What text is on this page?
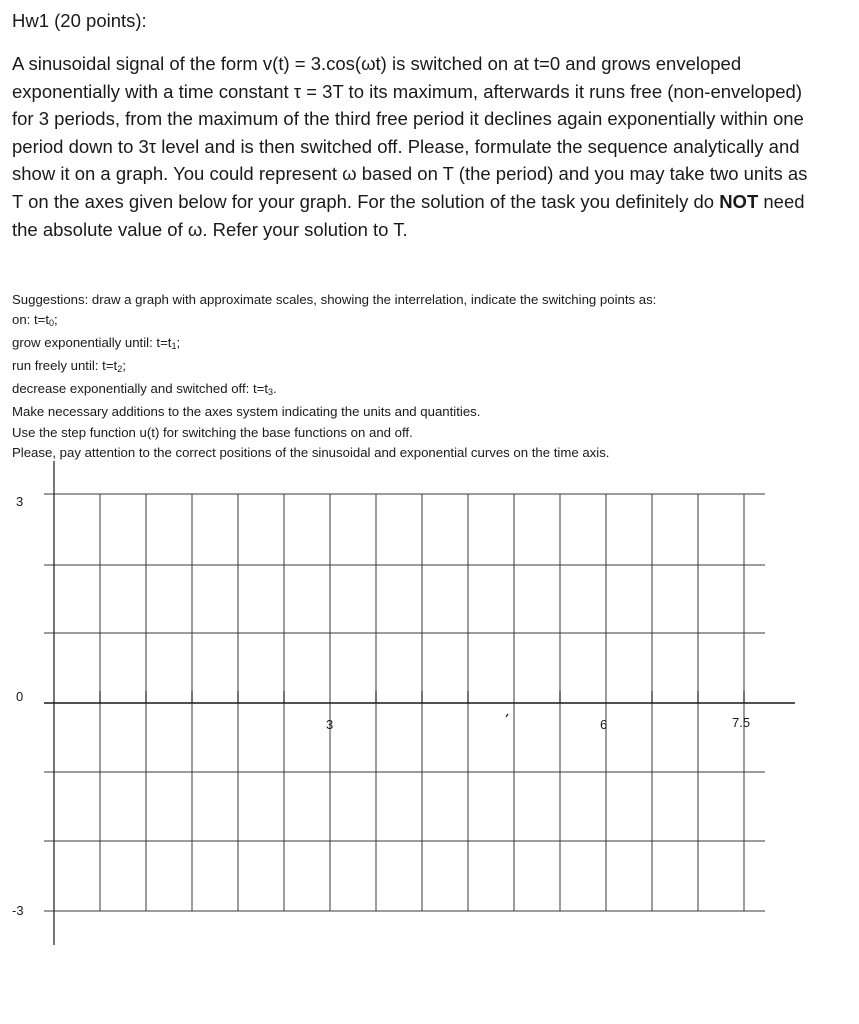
Hw1 (20 points):

A sinusoidal signal of the form v(t) = 3.cos(ωt) is switched on at t=0 and grows enveloped exponentially with a time constant τ = 3T to its maximum, afterwards it runs free (non-enveloped) for 3 periods, from the maximum of the third free period it declines again exponentially within one period down to 3τ level and is then switched off. Please, formulate the sequence analytically and show it on a graph. You could represent ω based on T (the period) and you may take two units as T on the axes given below for your graph. For the solution of the task you definitely do NOT need the absolute value of ω. Refer your solution to T.

Suggestions: draw a graph with approximate scales, showing the interrelation, indicate the switching points as:
on: $t=t_0$;
grow exponentially until: $t=t_1$;
run freely until: $t=t_2$;
decrease exponentially and switched off: $t=t_3$.
Make necessary additions to the axes system indicating the units and quantities.
Use the step function u(t) for switching the base functions on and off.
Please, pay attention to the correct positions of the sinusoidal and exponential curves on the time axis.
3
0
-3
3	6	7.5
